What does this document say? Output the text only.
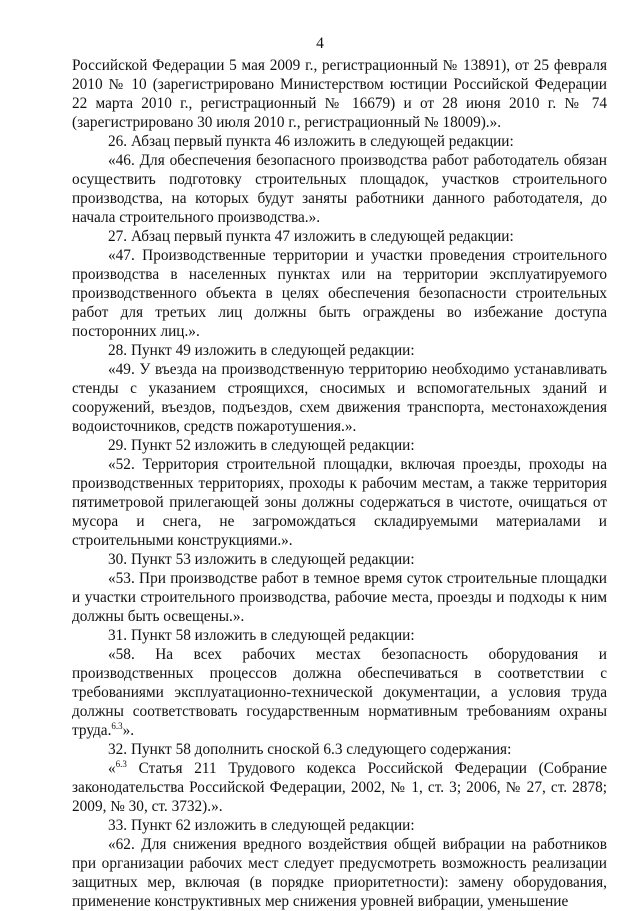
4

Российской Федерации 5 мая 2009 г., регистрационный № 13891), от 25 февраля 2010 № 10 (зарегистрировано Министерством юстиции Российской Федерации 22 марта 2010 г., регистрационный № 16679) и от 28 июня 2010 г. № 74 (зарегистрировано 30 июля 2010 г., регистрационный № 18009).».

26. Абзац первый пункта 46 изложить в следующей редакции:

«46. Для обеспечения безопасного производства работ работодатель обязан осуществить подготовку строительных площадок, участков строительного производства, на которых будут заняты работники данного работодателя, до начала строительного производства.».

27. Абзац первый пункта 47 изложить в следующей редакции:

«47. Производственные территории и участки проведения строительного производства в населенных пунктах или на территории эксплуатируемого производственного объекта в целях обеспечения безопасности строительных работ для третьих лиц должны быть ограждены во избежание доступа посторонних лиц.».

28. Пункт 49 изложить в следующей редакции:

«49. У въезда на производственную территорию необходимо устанавливать стенды с указанием строящихся, сносимых и вспомогательных зданий и сооружений, въездов, подъездов, схем движения транспорта, местонахождения водоисточников, средств пожаротушения.».

29. Пункт 52 изложить в следующей редакции:

«52. Территория строительной площадки, включая проезды, проходы на производственных территориях, проходы к рабочим местам, а также территория пятиметровой прилегающей зоны должны содержаться в чистоте, очищаться от мусора и снега, не загромождаться складируемыми материалами и строительными конструкциями.».

30. Пункт 53 изложить в следующей редакции:

«53. При производстве работ в темное время суток строительные площадки и участки строительного производства, рабочие места, проезды и подходы к ним должны быть освещены.».

31. Пункт 58 изложить в следующей редакции:

«58. На всех рабочих местах безопасность оборудования и производственных процессов должна обеспечиваться в соответствии с требованиями эксплуатационно-технической документации, а условия труда должны соответствовать государственным нормативным требованиям охраны труда.$^{6.3}$».

32. Пункт 58 дополнить сноской 6.3 следующего содержания:

«$^{6.3}$ Статья 211 Трудового кодекса Российской Федерации (Собрание законодательства Российской Федерации, 2002, № 1, ст. 3; 2006, № 27, ст. 2878; 2009, № 30, ст. 3732).».

33. Пункт 62 изложить в следующей редакции:

«62. Для снижения вредного воздействия общей вибрации на работников при организации рабочих мест следует предусмотреть возможность реализации защитных мер, включая (в порядке приоритетности): замену оборудования, применение конструктивных мер снижения уровней вибрации, уменьшение
